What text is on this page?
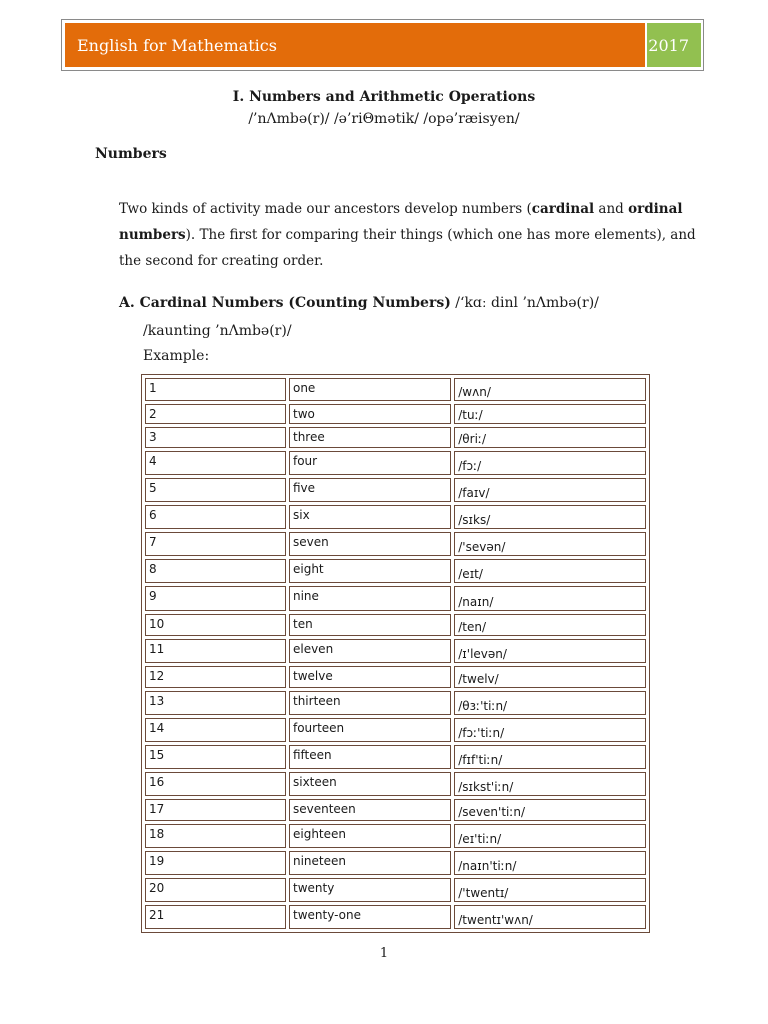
English for Mathematics	2017
I. Numbers and Arithmetic Operations
/’nΛmbə(r)/ /ə’riΘmətik/ /opə’ræisyen/
Numbers
Two kinds of activity made our ancestors develop numbers (cardinal and ordinal numbers). The first for comparing their things (which one has more elements), and the second for creating order.
A. Cardinal Numbers (Counting Numbers) /‘kɑː dinl ’nΛmbə(r)/
/kaunting ’nΛmbə(r)/
Example:
1	one	/wʌn/
2	two	/tuː/
3	three	/θriː/
4	four	/fɔː/
5	five	/faɪv/
6	six	/sɪks/
7	seven	/'sevən/
8	eight	/eɪt/
9	nine	/naɪn/
10	ten	/ten/
11	eleven	/ɪ'levən/
12	twelve	/twelv/
13	thirteen	/θɜː'tiːn/
14	fourteen	/fɔː'tiːn/
15	fifteen	/fɪf'tiːn/
16	sixteen	/sɪkst'iːn/
17	seventeen	/seven'tiːn/
18	eighteen	/eɪ'tiːn/
19	nineteen	/naɪn'tiːn/
20	twenty	/'twentɪ/
21	twenty-one	/twentɪ'wʌn/
1
